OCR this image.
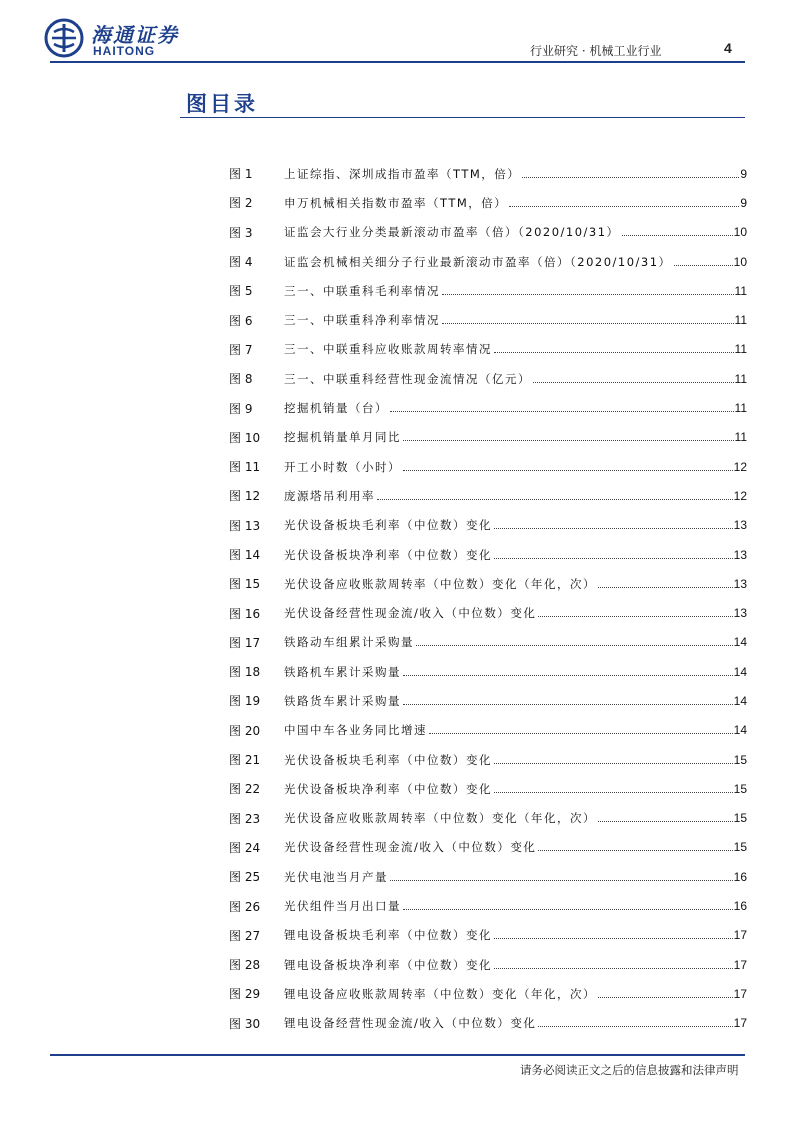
海通证券
HAITONG	行业研究 · 机械工业行业	4
图目录
图 1	上证综指、深圳成指市盈率（TTM，倍）	9
图 2	申万机械相关指数市盈率（TTM，倍）	9
图 3	证监会大行业分类最新滚动市盈率（倍）（2020/10/31）	10
图 4	证监会机械相关细分子行业最新滚动市盈率（倍）（2020/10/31）	10
图 5	三一、中联重科毛利率情况	11
图 6	三一、中联重科净利率情况	11
图 7	三一、中联重科应收账款周转率情况	11
图 8	三一、中联重科经营性现金流情况（亿元）	11
图 9	挖掘机销量（台）	11
图 10	挖掘机销量单月同比	11
图 11	开工小时数（小时）	12
图 12	庞源塔吊利用率	12
图 13	光伏设备板块毛利率（中位数）变化	13
图 14	光伏设备板块净利率（中位数）变化	13
图 15	光伏设备应收账款周转率（中位数）变化（年化，次）	13
图 16	光伏设备经营性现金流/收入（中位数）变化	13
图 17	铁路动车组累计采购量	14
图 18	铁路机车累计采购量	14
图 19	铁路货车累计采购量	14
图 20	中国中车各业务同比增速	14
图 21	光伏设备板块毛利率（中位数）变化	15
图 22	光伏设备板块净利率（中位数）变化	15
图 23	光伏设备应收账款周转率（中位数）变化（年化，次）	15
图 24	光伏设备经营性现金流/收入（中位数）变化	15
图 25	光伏电池当月产量	16
图 26	光伏组件当月出口量	16
图 27	锂电设备板块毛利率（中位数）变化	17
图 28	锂电设备板块净利率（中位数）变化	17
图 29	锂电设备应收账款周转率（中位数）变化（年化，次）	17
图 30	锂电设备经营性现金流/收入（中位数）变化	17
请务必阅读正文之后的信息披露和法律声明
